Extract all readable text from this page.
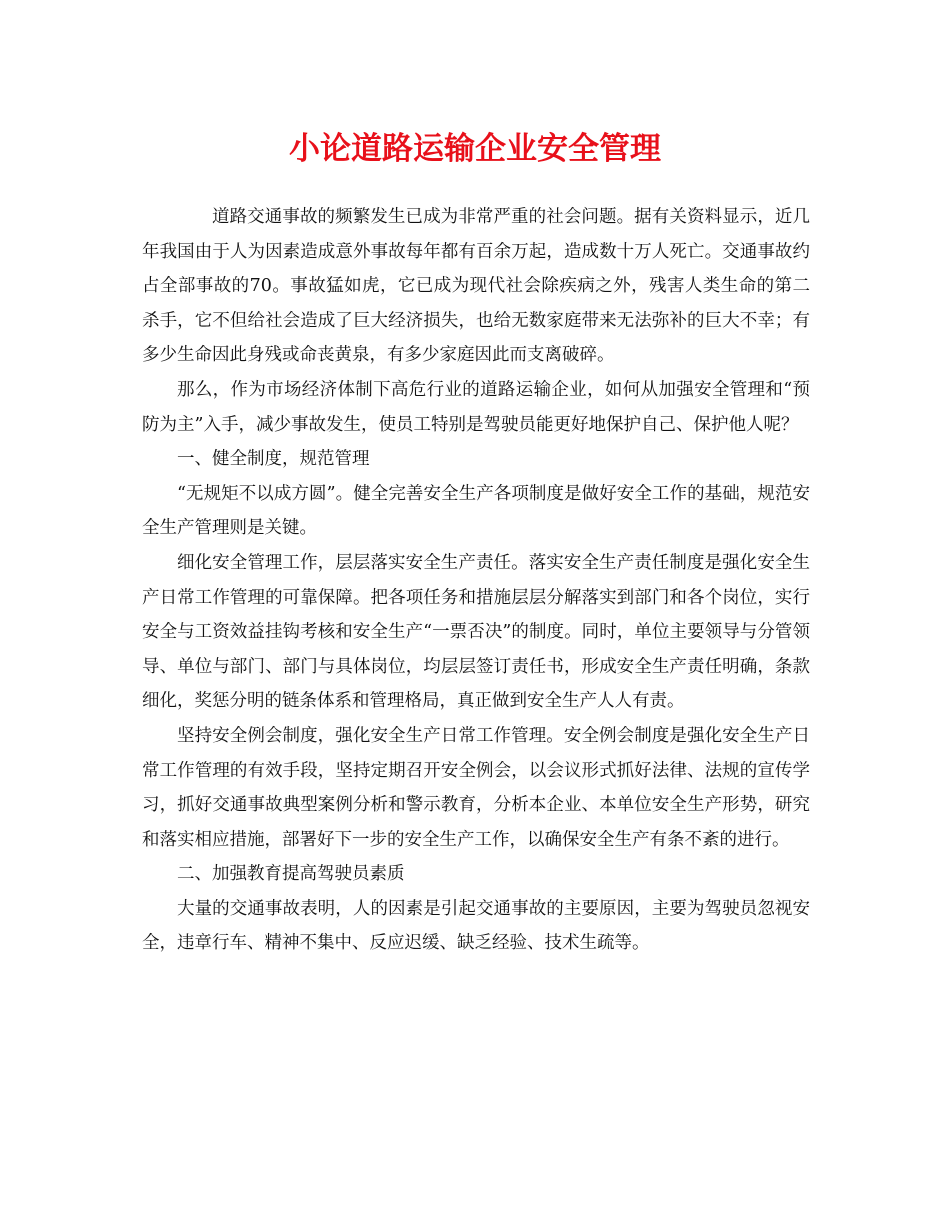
小论道路运输企业安全管理

道路交通事故的频繁发生已成为非常严重的社会问题。据有关资料显示，近几年我国由于人为因素造成意外事故每年都有百余万起，造成数十万人死亡。交通事故约占全部事故的70。事故猛如虎，它已成为现代社会除疾病之外，残害人类生命的第二杀手，它不但给社会造成了巨大经济损失，也给无数家庭带来无法弥补的巨大不幸；有多少生命因此身残或命丧黄泉，有多少家庭因此而支离破碎。

那么，作为市场经济体制下高危行业的道路运输企业，如何从加强安全管理和“预防为主”入手，减少事故发生，使员工特别是驾驶员能更好地保护自己、保护他人呢？

一、健全制度，规范管理

“无规矩不以成方圆”。健全完善安全生产各项制度是做好安全工作的基础，规范安全生产管理则是关键。

细化安全管理工作，层层落实安全生产责任。落实安全生产责任制度是强化安全生产日常工作管理的可靠保障。把各项任务和措施层层分解落实到部门和各个岗位，实行安全与工资效益挂钩考核和安全生产“一票否决”的制度。同时，单位主要领导与分管领导、单位与部门、部门与具体岗位，均层层签订责任书，形成安全生产责任明确，条款细化，奖惩分明的链条体系和管理格局，真正做到安全生产人人有责。

坚持安全例会制度，强化安全生产日常工作管理。安全例会制度是强化安全生产日常工作管理的有效手段，坚持定期召开安全例会，以会议形式抓好法律、法规的宣传学习，抓好交通事故典型案例分析和警示教育，分析本企业、本单位安全生产形势，研究和落实相应措施，部署好下一步的安全生产工作，以确保安全生产有条不紊的进行。

二、加强教育提高驾驶员素质

大量的交通事故表明，人的因素是引起交通事故的主要原因，主要为驾驶员忽视安全，违章行车、精神不集中、反应迟缓、缺乏经验、技术生疏等。
